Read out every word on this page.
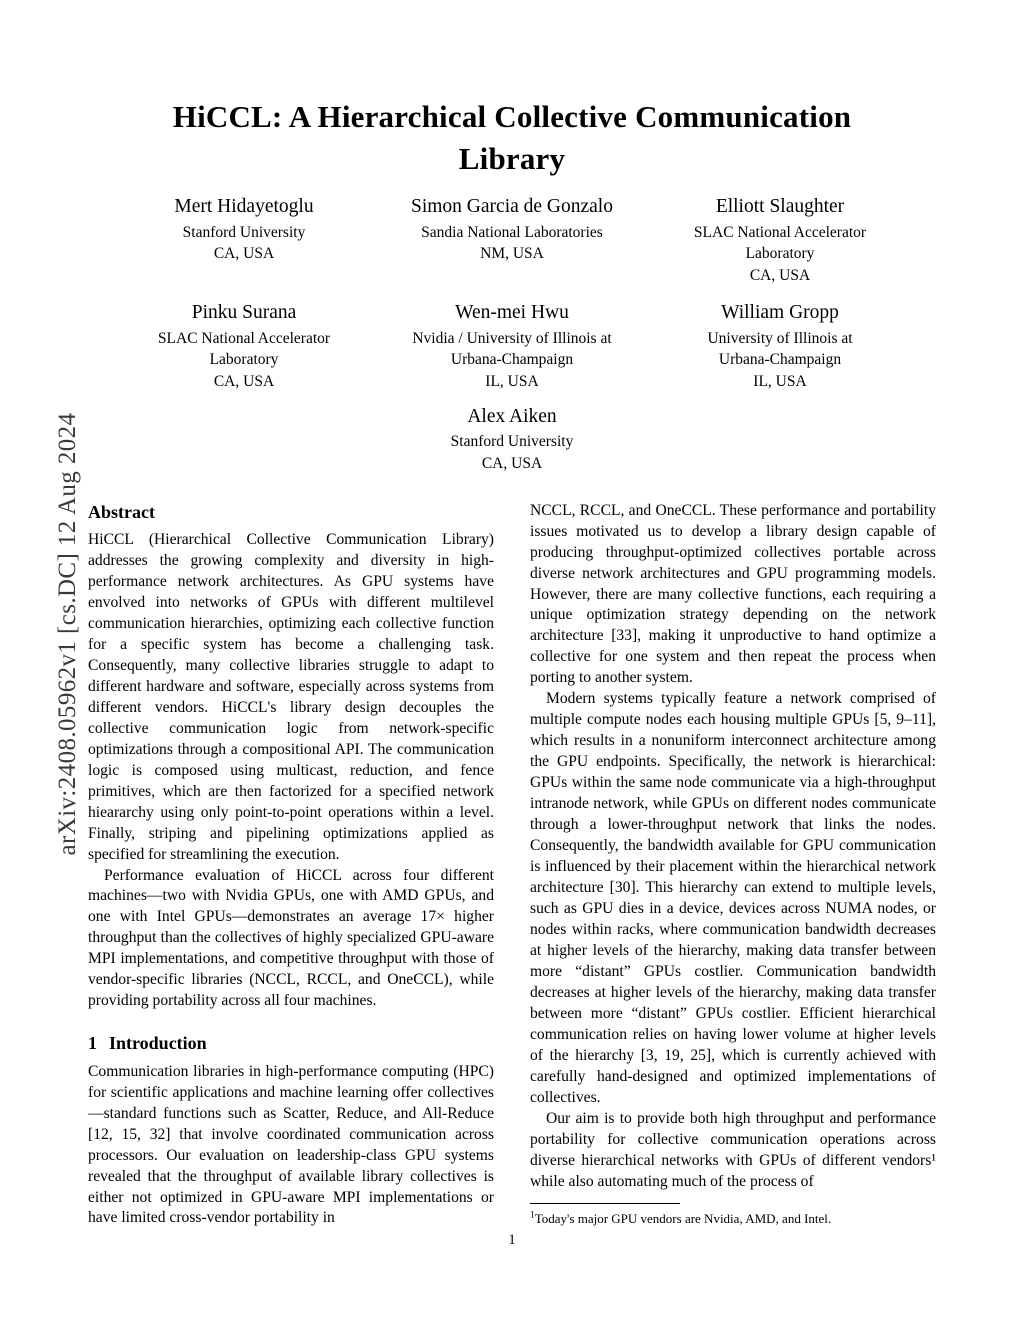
arXiv:2408.05962v1 [cs.DC] 12 Aug 2024
HiCCL: A Hierarchical Collective Communication Library
Mert Hidayetoglu
Stanford University
CA, USA
Simon Garcia de Gonzalo
Sandia National Laboratories
NM, USA
Elliott Slaughter
SLAC National Accelerator
Laboratory
CA, USA
Pinku Surana
SLAC National Accelerator
Laboratory
CA, USA
Wen-mei Hwu
Nvidia / University of Illinois at
Urbana-Champaign
IL, USA
William Gropp
University of Illinois at
Urbana-Champaign
IL, USA
Alex Aiken
Stanford University
CA, USA
Abstract

HiCCL (Hierarchical Collective Communication Library) addresses the growing complexity and diversity in high-performance network architectures. As GPU systems have envolved into networks of GPUs with different multilevel communication hierarchies, optimizing each collective function for a specific system has become a challenging task. Consequently, many collective libraries struggle to adapt to different hardware and software, especially across systems from different vendors. HiCCL's library design decouples the collective communication logic from network-specific optimizations through a compositional API. The communication logic is composed using multicast, reduction, and fence primitives, which are then factorized for a specified network hieararchy using only point-to-point operations within a level. Finally, striping and pipelining optimizations applied as specified for streamlining the execution.

Performance evaluation of HiCCL across four different machines—two with Nvidia GPUs, one with AMD GPUs, and one with Intel GPUs—demonstrates an average 17× higher throughput than the collectives of highly specialized GPU-aware MPI implementations, and competitive throughput with those of vendor-specific libraries (NCCL, RCCL, and OneCCL), while providing portability across all four machines.

1 Introduction

Communication libraries in high-performance computing (HPC) for scientific applications and machine learning offer collectives—standard functions such as Scatter, Reduce, and All-Reduce [12, 15, 32] that involve coordinated communication across processors. Our evaluation on leadership-class GPU systems revealed that the throughput of available library collectives is either not optimized in GPU-aware MPI implementations or have limited cross-vendor portability in

NCCL, RCCL, and OneCCL. These performance and portability issues motivated us to develop a library design capable of producing throughput-optimized collectives portable across diverse network architectures and GPU programming models. However, there are many collective functions, each requiring a unique optimization strategy depending on the network architecture [33], making it unproductive to hand optimize a collective for one system and then repeat the process when porting to another system.

Modern systems typically feature a network comprised of multiple compute nodes each housing multiple GPUs [5, 9–11], which results in a nonuniform interconnect architecture among the GPU endpoints. Specifically, the network is hierarchical: GPUs within the same node communicate via a high-throughput intranode network, while GPUs on different nodes communicate through a lower-throughput network that links the nodes. Consequently, the bandwidth available for GPU communication is influenced by their placement within the hierarchical network architecture [30]. This hierarchy can extend to multiple levels, such as GPU dies in a device, devices across NUMA nodes, or nodes within racks, where communication bandwidth decreases at higher levels of the hierarchy, making data transfer between more “distant” GPUs costlier. Communication bandwidth decreases at higher levels of the hierarchy, making data transfer between more “distant” GPUs costlier. Efficient hierarchical communication relies on having lower volume at higher levels of the hierarchy [3, 19, 25], which is currently achieved with carefully hand-designed and optimized implementations of collectives.

Our aim is to provide both high throughput and performance portability for collective communication operations across diverse hierarchical networks with GPUs of different vendors¹ while also automating much of the process of

$^1$Today's major GPU vendors are Nvidia, AMD, and Intel.
1
